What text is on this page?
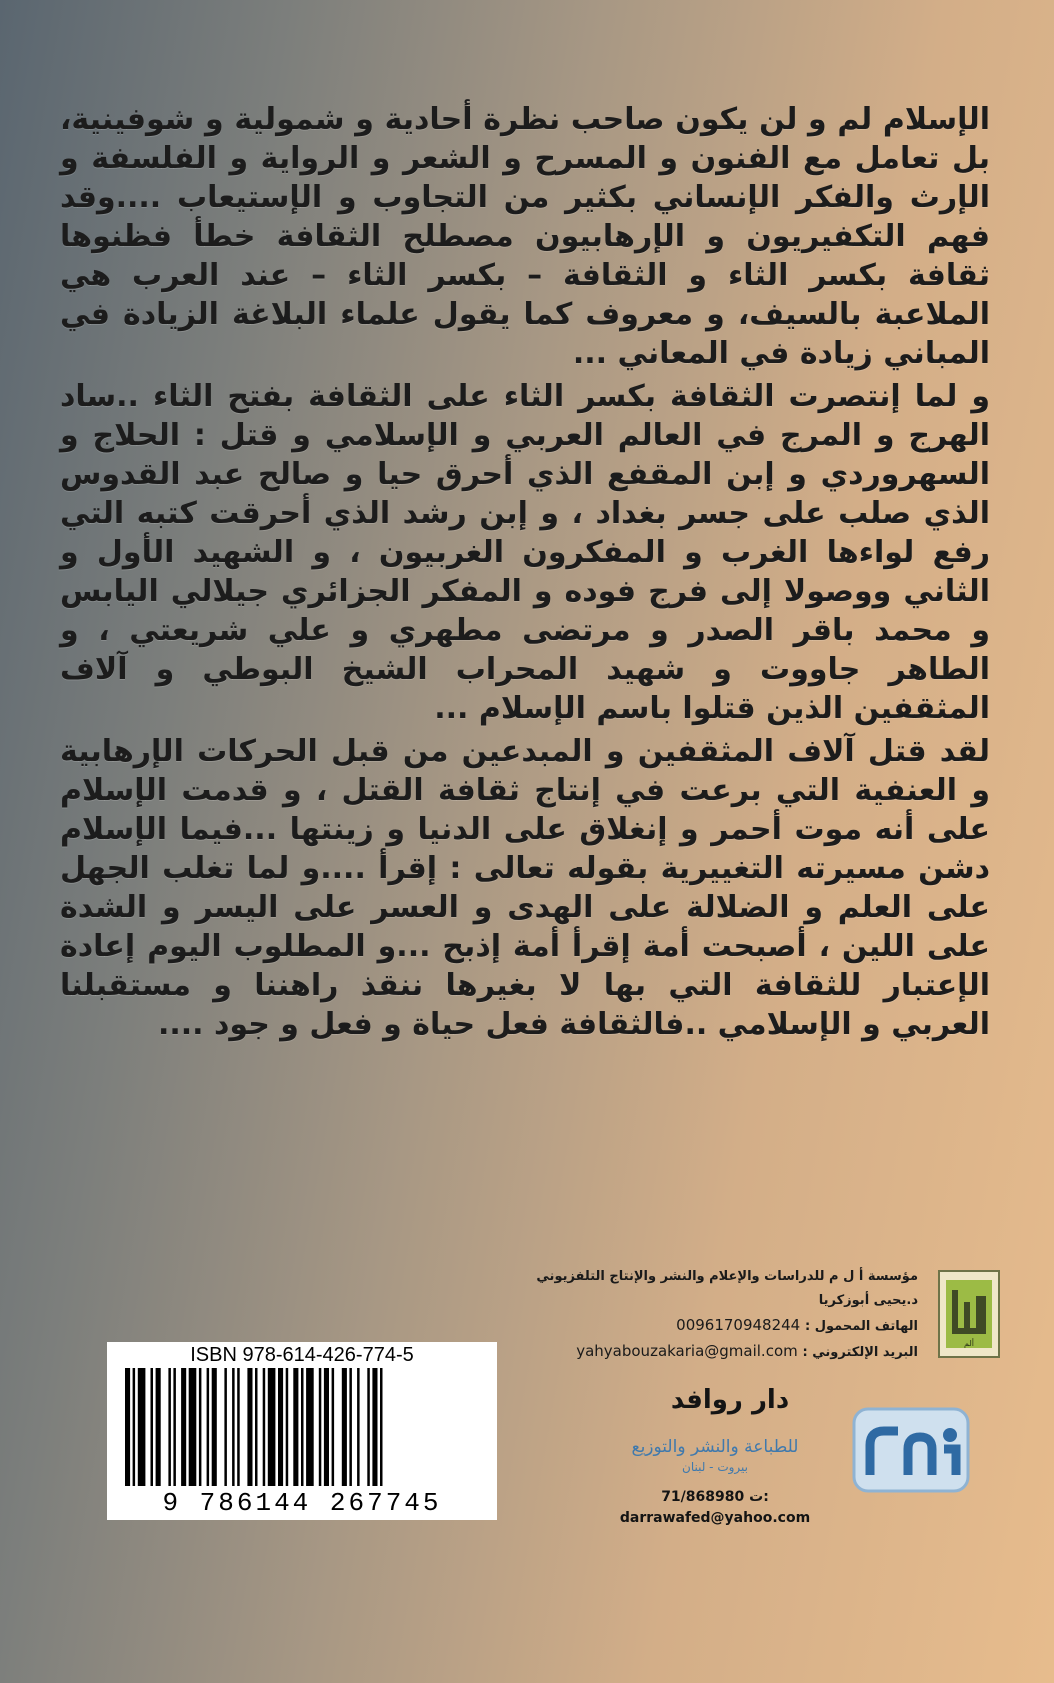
الإسلام لم و لن يكون صاحب نظرة أحادية و شمولية و شوفينية، بل تعامل مع الفنون و المسرح و الشعر و الرواية و الفلسفة و الإرث والفكر الإنساني بكثير من التجاوب و الإستيعاب ....وقد فهم التكفيريون و الإرهابيون مصطلح الثقافة خطأ فظنوها ثقافة بكسر الثاء و الثقافة – بكسر الثاء – عند العرب هي الملاعبة بالسيف، و معروف كما يقول علماء البلاغة الزيادة في المباني زيادة في المعاني ...

و لما إنتصرت الثقافة بكسر الثاء على الثقافة بفتح الثاء ..ساد الهرج و المرج في العالم العربي و الإسلامي و قتل : الحلاج و السهروردي و إبن المقفع الذي أحرق حيا و صالح عبد القدوس الذي صلب على جسر بغداد ، و إبن رشد الذي أحرقت كتبه التي رفع لواءها الغرب و المفكرون الغربيون ، و الشهيد الأول و الثاني ووصولا إلى فرج فوده و المفكر الجزائري جيلالي اليابس و محمد باقر الصدر و مرتضى مطهري و علي شريعتي ، و الطاهر جاووت و شهيد المحراب الشيخ البوطي و آلاف المثقفين الذين قتلوا باسم الإسلام ...

لقد قتل آلاف المثقفين و المبدعين من قبل الحركات الإرهابية و العنفية التي برعت في إنتاج ثقافة القتل ، و قدمت الإسلام على أنه موت أحمر و إنغلاق على الدنيا و زينتها ...فيما الإسلام دشن مسيرته التغييرية بقوله تعالى : إقرأ ....و لما تغلب الجهل على العلم و الضلالة على الهدى و العسر على اليسر و الشدة على اللين ، أصبحت أمة إقرأ أمة إذبح ...و المطلوب اليوم إعادة الإعتبار للثقافة التي بها لا بغيرها ننقذ راهننا و مستقبلنا العربي و الإسلامي ..فالثقافة فعل حياة و فعل و جود ....

ألم
مؤسسة أ ل م للدراسات والإعلام والنشر والإنتاج التلفزيوني
د.يحيى أبوزكريا
الهاتف المحمول : 0096170948244
البريد الإلكتروني : yahyabouzakaria@gmail.com
ISBN 978-614-426-774-5
9 786144 267745
دار روافد
للطباعة والنشر والتوزيع
بيروت - لبنان
71/868980 ت:
darrawafed@yahoo.com
